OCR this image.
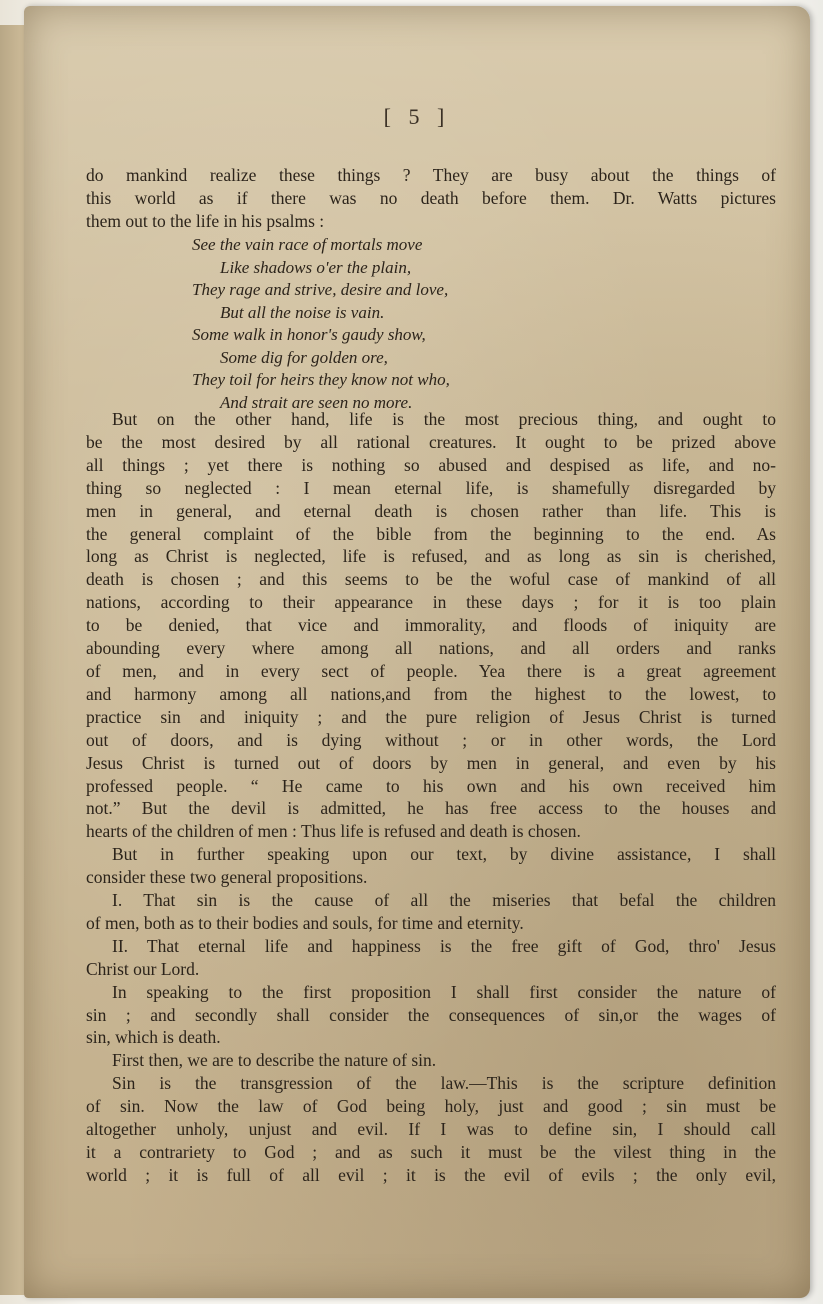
[ 5 ]
do mankind realize these things ? They are busy about the things of
this world as if there was no death before them. Dr. Watts pictures
them out to the life in his psalms :
See the vain race of mortals move
Like shadows o'er the plain,
They rage and strive, desire and love,
But all the noise is vain.
Some walk in honor's gaudy show,
Some dig for golden ore,
They toil for heirs they know not who,
And strait are seen no more.
But on the other hand, life is the most precious thing, and ought to
be the most desired by all rational creatures. It ought to be prized above
all things ; yet there is nothing so abused and despised as life, and no-
thing so neglected : I mean eternal life, is shamefully disregarded by
men in general, and eternal death is chosen rather than life. This is
the general complaint of the bible from the beginning to the end. As
long as Christ is neglected, life is refused, and as long as sin is cherished,
death is chosen ; and this seems to be the woful case of mankind of all
nations, according to their appearance in these days ; for it is too plain
to be denied, that vice and immorality, and floods of iniquity are
abounding every where among all nations, and all orders and ranks
of men, and in every sect of people. Yea there is a great agreement
and harmony among all nations,and from the highest to the lowest, to
practice sin and iniquity ; and the pure religion of Jesus Christ is turned
out of doors, and is dying without ; or in other words, the Lord
Jesus Christ is turned out of doors by men in general, and even by his
professed people. “ He came to his own and his own received him
not.” But the devil is admitted, he has free access to the houses and
hearts of the children of men : Thus life is refused and death is chosen.
But in further speaking upon our text, by divine assistance, I shall
consider these two general propositions.
I. That sin is the cause of all the miseries that befal the children
of men, both as to their bodies and souls, for time and eternity.
II. That eternal life and happiness is the free gift of God, thro' Jesus
Christ our Lord.
In speaking to the first proposition I shall first consider the nature of
sin ; and secondly shall consider the consequences of sin,or the wages of
sin, which is death.
First then, we are to describe the nature of sin.
Sin is the transgression of the law.—This is the scripture definition
of sin. Now the law of God being holy, just and good ; sin must be
altogether unholy, unjust and evil. If I was to define sin, I should call
it a contrariety to God ; and as such it must be the vilest thing in the
world ; it is full of all evil ; it is the evil of evils ; the only evil,
